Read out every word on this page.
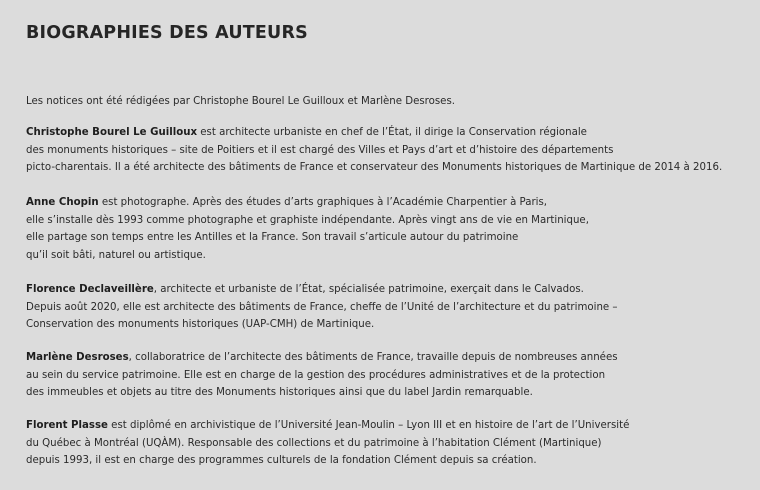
BIOGRAPHIES DES AUTEURS

Les notices ont été rédigées par Christophe Bourel Le Guilloux et Marlène Desroses.

Christophe Bourel Le Guilloux est architecte urbaniste en chef de l’État, il dirige la Conservation régionale
des monuments historiques – site de Poitiers et il est chargé des Villes et Pays d’art et d’histoire des départements
picto-charentais. Il a été architecte des bâtiments de France et conservateur des Monuments historiques de Martinique de 2014 à 2016.

Anne Chopin est photographe. Après des études d’arts graphiques à l’Académie Charpentier à Paris,
elle s’installe dès 1993 comme photographe et graphiste indépendante. Après vingt ans de vie en Martinique,
elle partage son temps entre les Antilles et la France. Son travail s’articule autour du patrimoine
qu’il soit bâti, naturel ou artistique.

Florence Declaveillère, architecte et urbaniste de l’État, spécialisée patrimoine, exerçait dans le Calvados.
Depuis août 2020, elle est architecte des bâtiments de France, cheffe de l’Unité de l’architecture et du patrimoine –
Conservation des monuments historiques (UAP-CMH) de Martinique.

Marlène Desroses, collaboratrice de l’architecte des bâtiments de France, travaille depuis de nombreuses années
au sein du service patrimoine. Elle est en charge de la gestion des procédures administratives et de la protection
des immeubles et objets au titre des Monuments historiques ainsi que du label Jardin remarquable.

Florent Plasse est diplômé en archivistique de l’Université Jean-Moulin – Lyon III et en histoire de l’art de l’Université
du Québec à Montréal (UQÀM). Responsable des collections et du patrimoine à l’habitation Clément (Martinique)
depuis 1993, il est en charge des programmes culturels de la fondation Clément depuis sa création.
